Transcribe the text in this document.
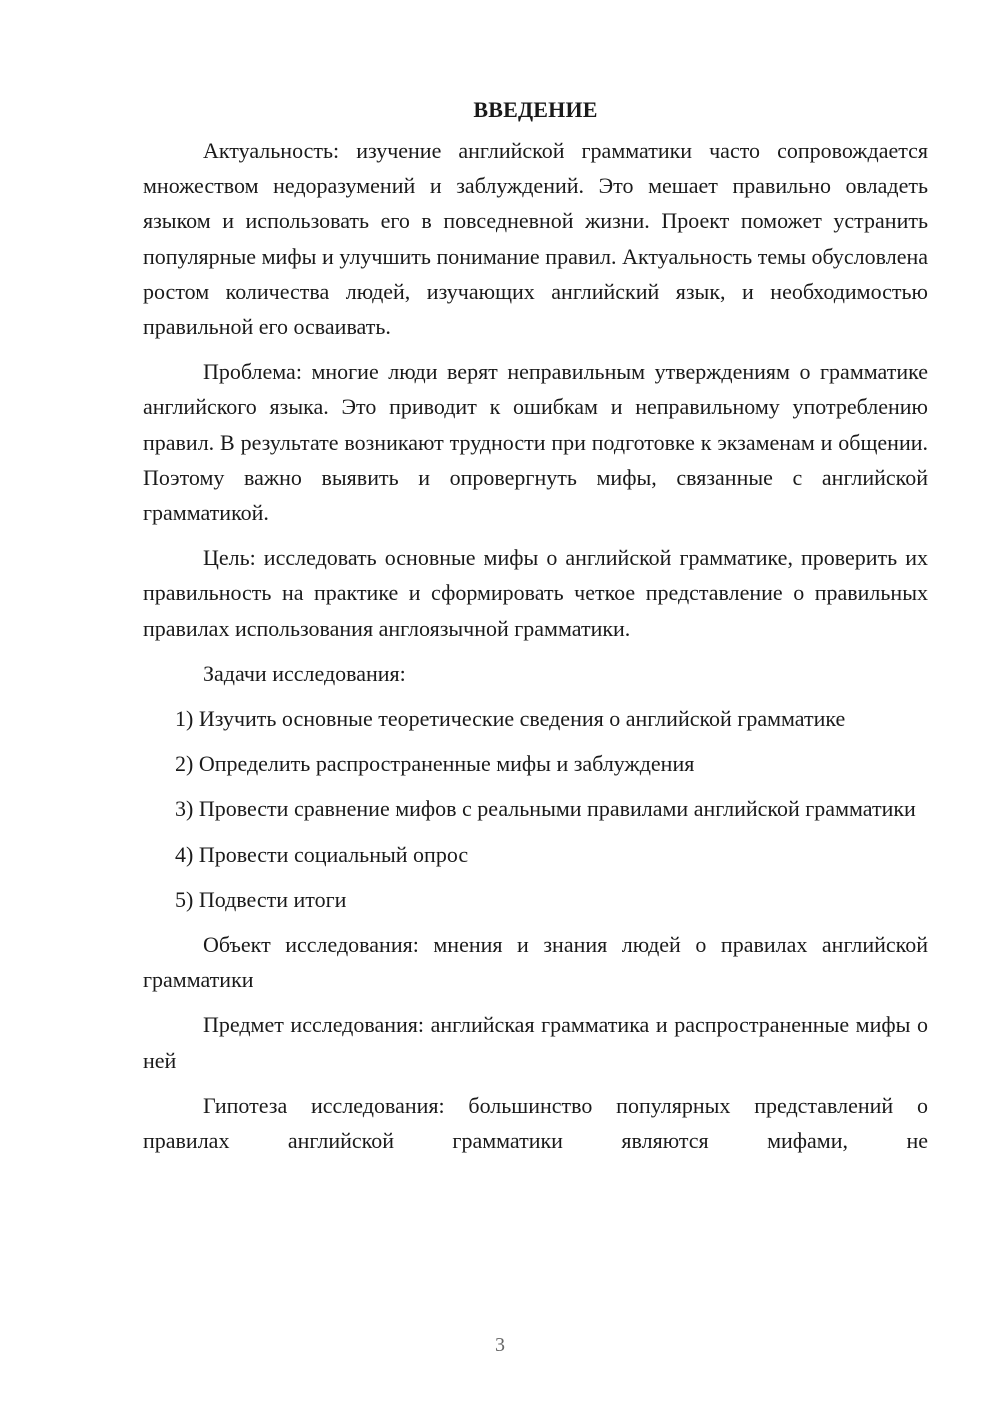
ВВЕДЕНИЕ

Актуальность: изучение английской грамматики часто сопровождается множеством недоразумений и заблуждений. Это мешает правильно овладеть языком и использовать его в повседневной жизни. Проект поможет устранить популярные мифы и улучшить понимание правил. Актуальность темы обусловлена ростом количества людей, изучающих английский язык, и необходимостью правильной его осваивать.

Проблема: многие люди верят неправильным утверждениям о грамматике английского языка. Это приводит к ошибкам и неправильному употреблению правил. В результате возникают трудности при подготовке к экзаменам и общении. Поэтому важно выявить и опровергнуть мифы, связанные с английской грамматикой.

Цель: исследовать основные мифы о английской грамматике, проверить их правильность на практике и сформировать четкое представление о правильных правилах использования англоязычной грамматики.

Задачи исследования:

1) Изучить основные теоретические сведения о английской грамматике

2) Определить распространенные мифы и заблуждения

3) Провести сравнение мифов с реальными правилами английской грамматики

4) Провести социальный опрос

5) Подвести итоги

Объект исследования: мнения и знания людей о правилах английской грамматики

Предмет исследования: английская грамматика и распространенные мифы о ней

Гипотеза исследования: большинство популярных представлений о правилах английской грамматики являются мифами, не

3
